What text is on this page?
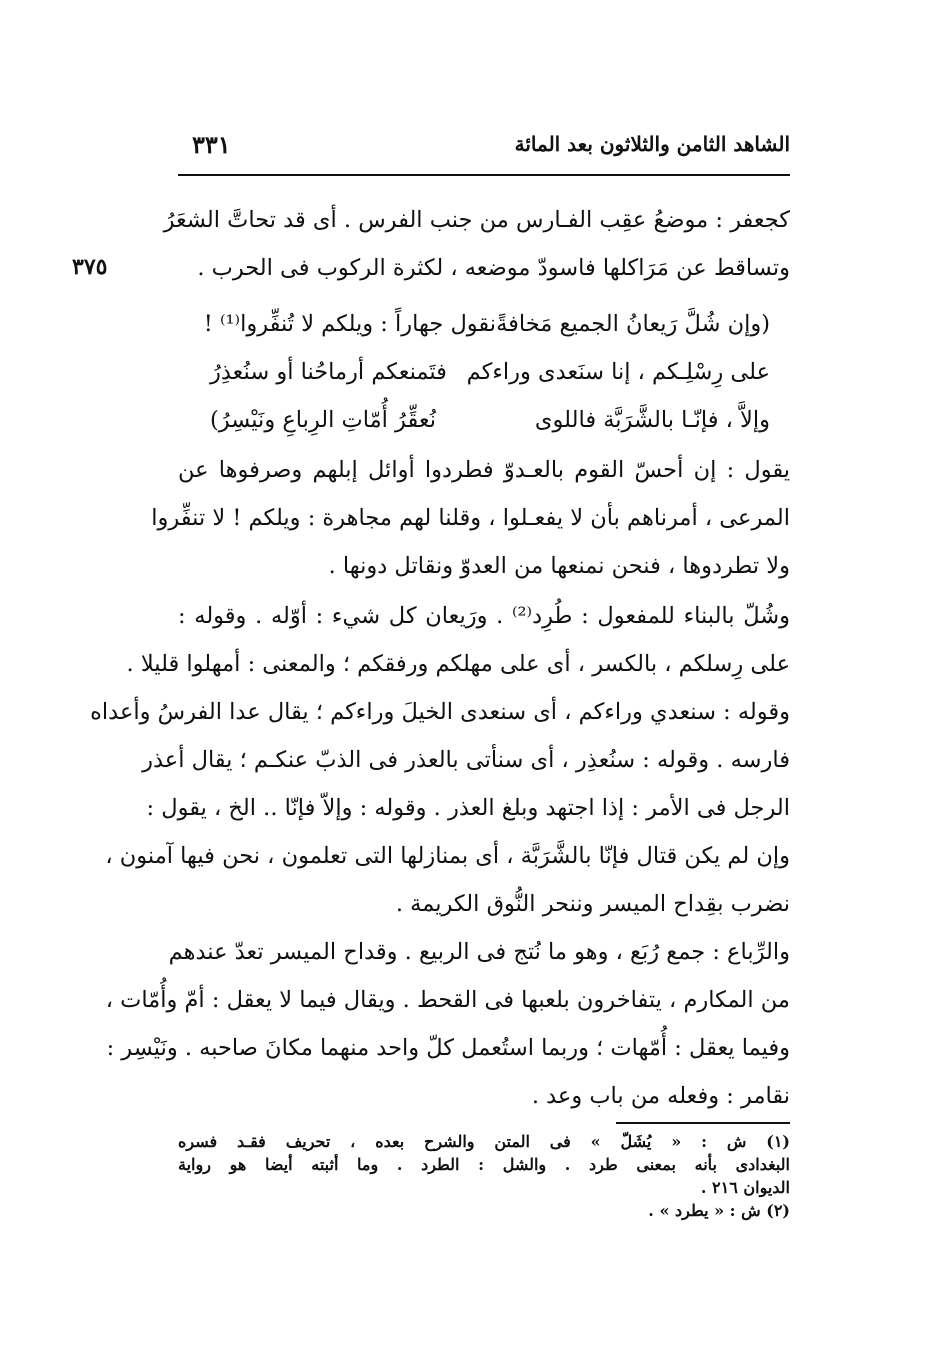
الشاهد الثامن والثلاثون بعد المائة
٣٣١
٣٧٥
كجعفر : موضعُ عقِب الفـارس من جنب الفرس . أى قد تحاتَّ الشعَرُ
وتساقط عن مَرَاكلها فاسودّ موضعه ، لكثرة الركوب فى الحرب .
(وإن شُلَّ رَيعانُ الجميع مَخافةً
نقول جهاراً : ويلكم لا تُنفِّروا⁽¹⁾ !
على رِسْلِـكم ، إنا سنَعدى وراءكم
فتَمنعكم أرماحُنا أو سنُعذِرُ
وإلاَّ ، فإنّـا بالشَّرَبَّة فاللوى
نُعقِّرُ أُمّاتِ الرِباعِ ونَيْسِرُ)
يقول : إن أحسّ القوم بالعـدوّ فطردوا أوائل إبلهم وصرفوها عن
المرعى ، أمرناهم بأن لا يفعـلوا ، وقلنا لهم مجاهرة : ويلكم ! لا تنفِّروا
ولا تطردوها ، فنحن نمنعها من العدوّ ونقاتل دونها .
وشُلّ بالبناء للمفعول : طُرِد⁽²⁾ . ورَيعان كل شيء : أوّله . وقوله :
على رِسلكم ، بالكسر ، أى على مهلكم ورفقكم ؛ والمعنى : أمهلوا قليلا .
وقوله : سنعدي وراءكم ، أى سنعدى الخيلَ وراءكم ؛ يقال عدا الفرسُ وأعداه
فارسه . وقوله : سنُعذِر ، أى سنأتى بالعذر فى الذبّ عنكـم ؛ يقال أعذر
الرجل فى الأمر : إذا اجتهد وبلغ العذر . وقوله : وإلاّ فإنّا .. الخ ، يقول :
وإن لم يكن قتال فإنّا بالشَّرَبَّة ، أى بمنازلها التى تعلمون ، نحن فيها آمنون ،
نضرب بقِداح الميسر وننحر النُّوق الكريمة .
والرِّباع : جمع رُبَع ، وهو ما نُتج فى الربيع . وقداح الميسر تعدّ عندهم
من المكارم ، يتفاخرون بلعبها فى القحط . ويقال فيما لا يعقل : أمّ وأُمّات ،
وفيما يعقل : أُمّهات ؛ وربما استُعمل كلّ واحد منهما مكانَ صاحبه . ونَيْسِر :
نقامر : وفعله من باب وعد .
(١) ش : « يُشَلّ » فى المتن والشرح بعده ، تحريف فقـد فسره
البغدادى بأنه بمعنى طرد . والشل : الطرد . وما أثبته أيضا هو رواية
الديوان ٢١٦ .
(٢) ش : « يطرد » .
